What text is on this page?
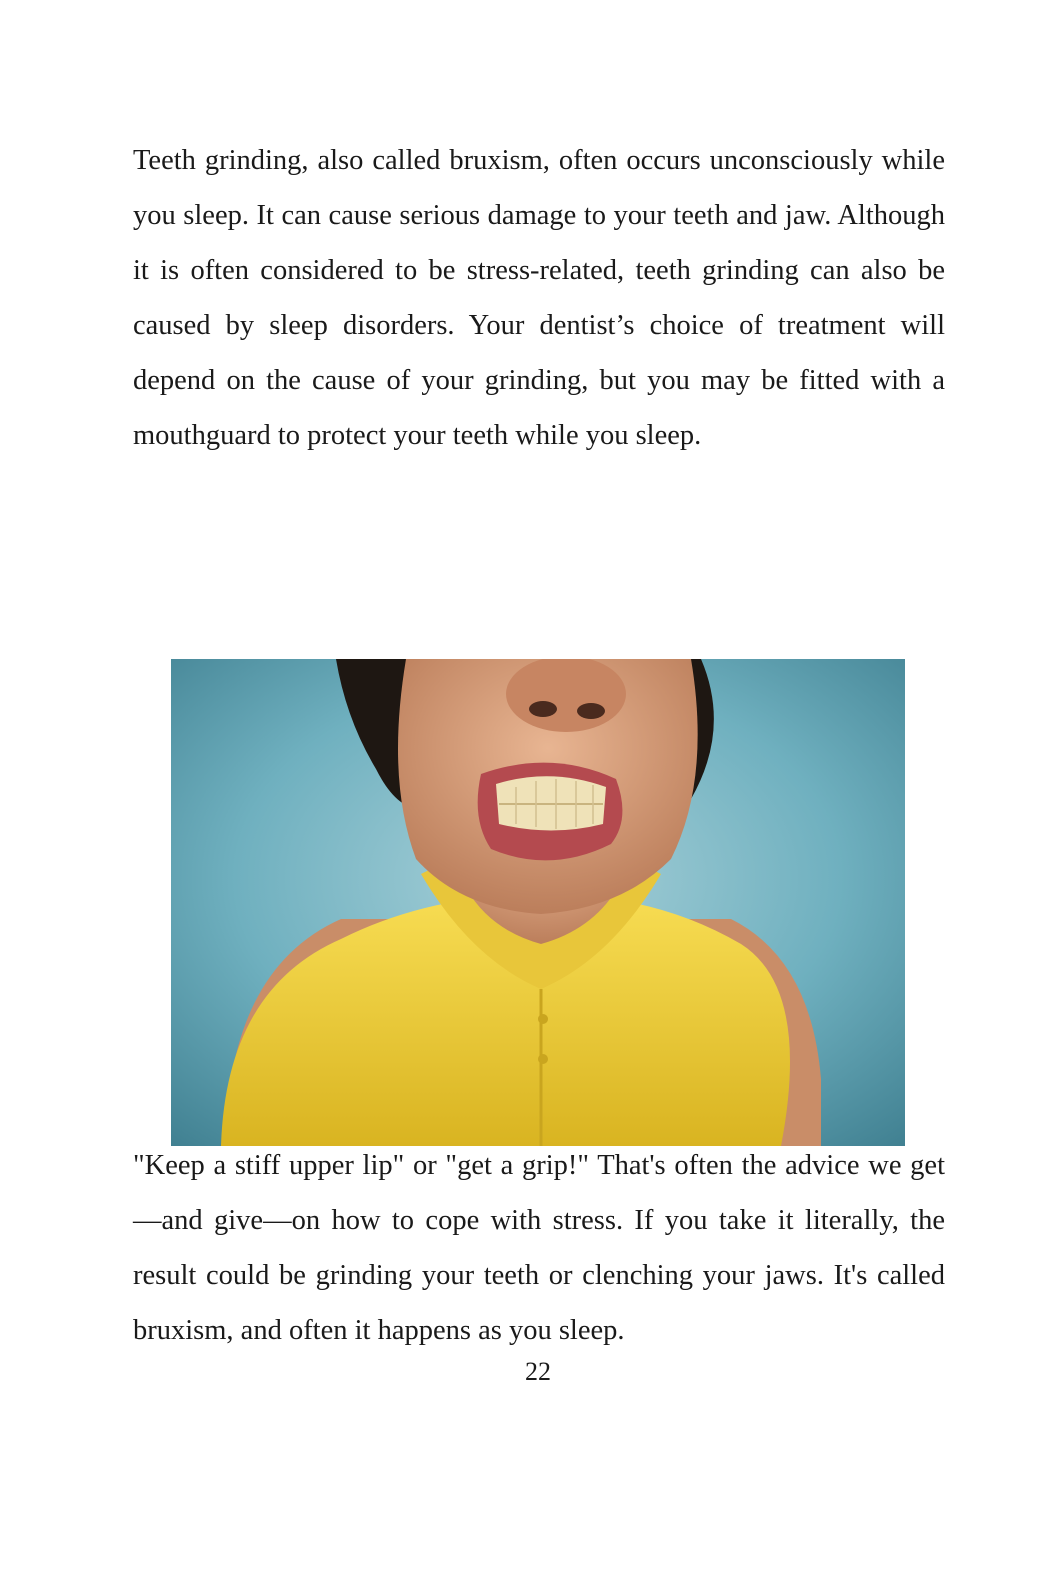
Teeth grinding, also called bruxism, often occurs unconsciously while you sleep. It can cause serious damage to your teeth and jaw. Although it is often considered to be stress-related, teeth grinding can also be caused by sleep disorders. Your dentist’s choice of treatment will depend on the cause of your grinding, but you may be fitted with a mouthguard to protect your teeth while you sleep.

"Keep a stiff upper lip" or "get a grip!" That's often the advice we get—and give—on how to cope with stress. If you take it literally, the result could be grinding your teeth or clenching your jaws. It's called bruxism, and often it happens as you sleep.

22
